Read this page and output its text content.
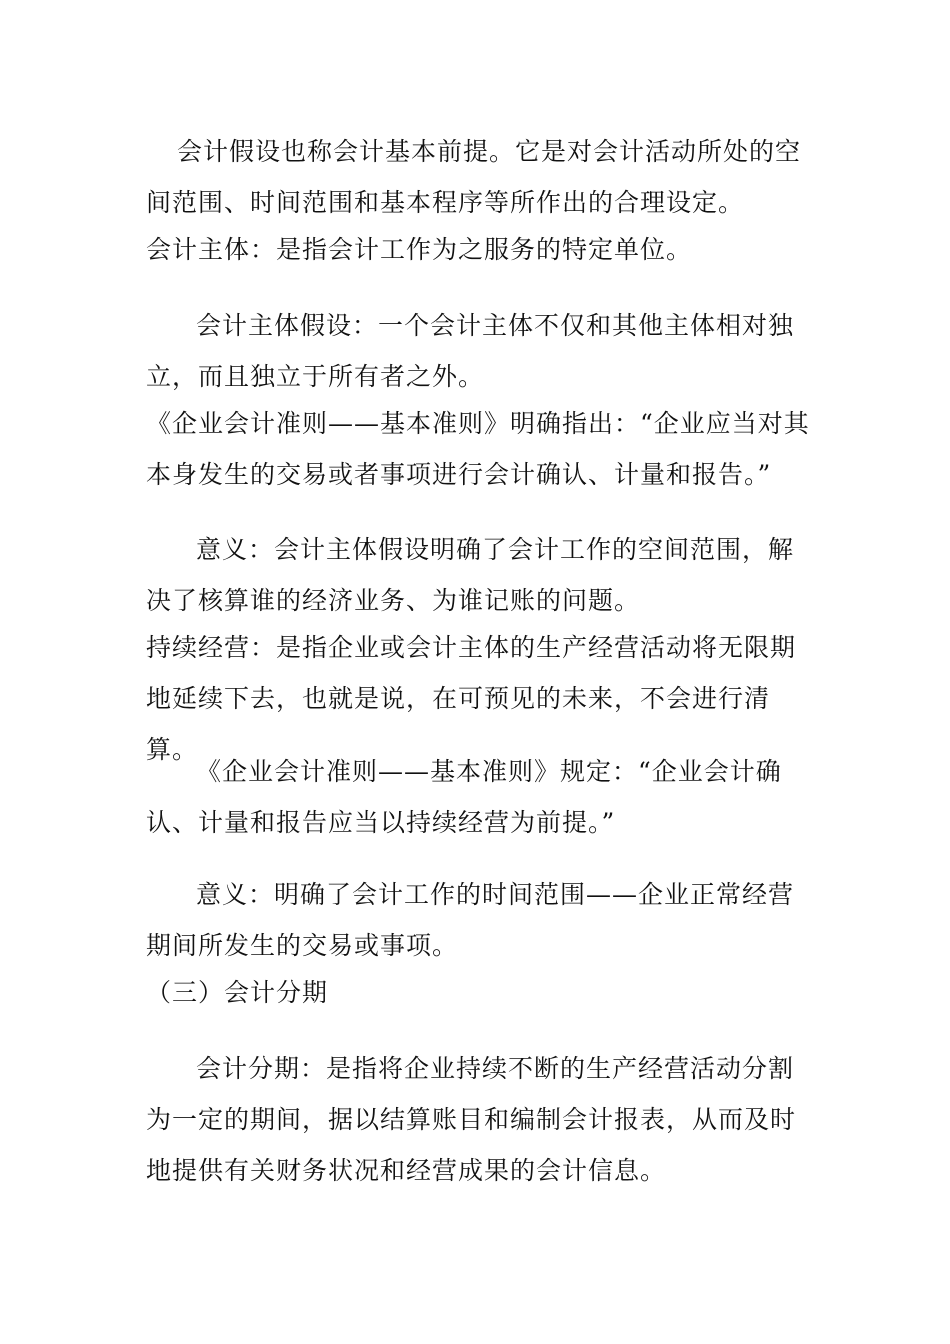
会计假设也称会计基本前提。它是对会计活动所处的空间范围、时间范围和基本程序等所作出的合理设定。

会计主体：是指会计工作为之服务的特定单位。

会计主体假设：一个会计主体不仅和其他主体相对独立，而且独立于所有者之外。

《企业会计准则——基本准则》明确指出：“企业应当对其本身发生的交易或者事项进行会计确认、计量和报告。”

意义：会计主体假设明确了会计工作的空间范围，解决了核算谁的经济业务、为谁记账的问题。

持续经营：是指企业或会计主体的生产经营活动将无限期地延续下去，也就是说，在可预见的未来，不会进行清算。

《企业会计准则——基本准则》规定：“企业会计确认、计量和报告应当以持续经营为前提。”

意义：明确了会计工作的时间范围——企业正常经营期间所发生的交易或事项。

（三）会计分期

会计分期：是指将企业持续不断的生产经营活动分割为一定的期间，据以结算账目和编制会计报表，从而及时地提供有关财务状况和经营成果的会计信息。
